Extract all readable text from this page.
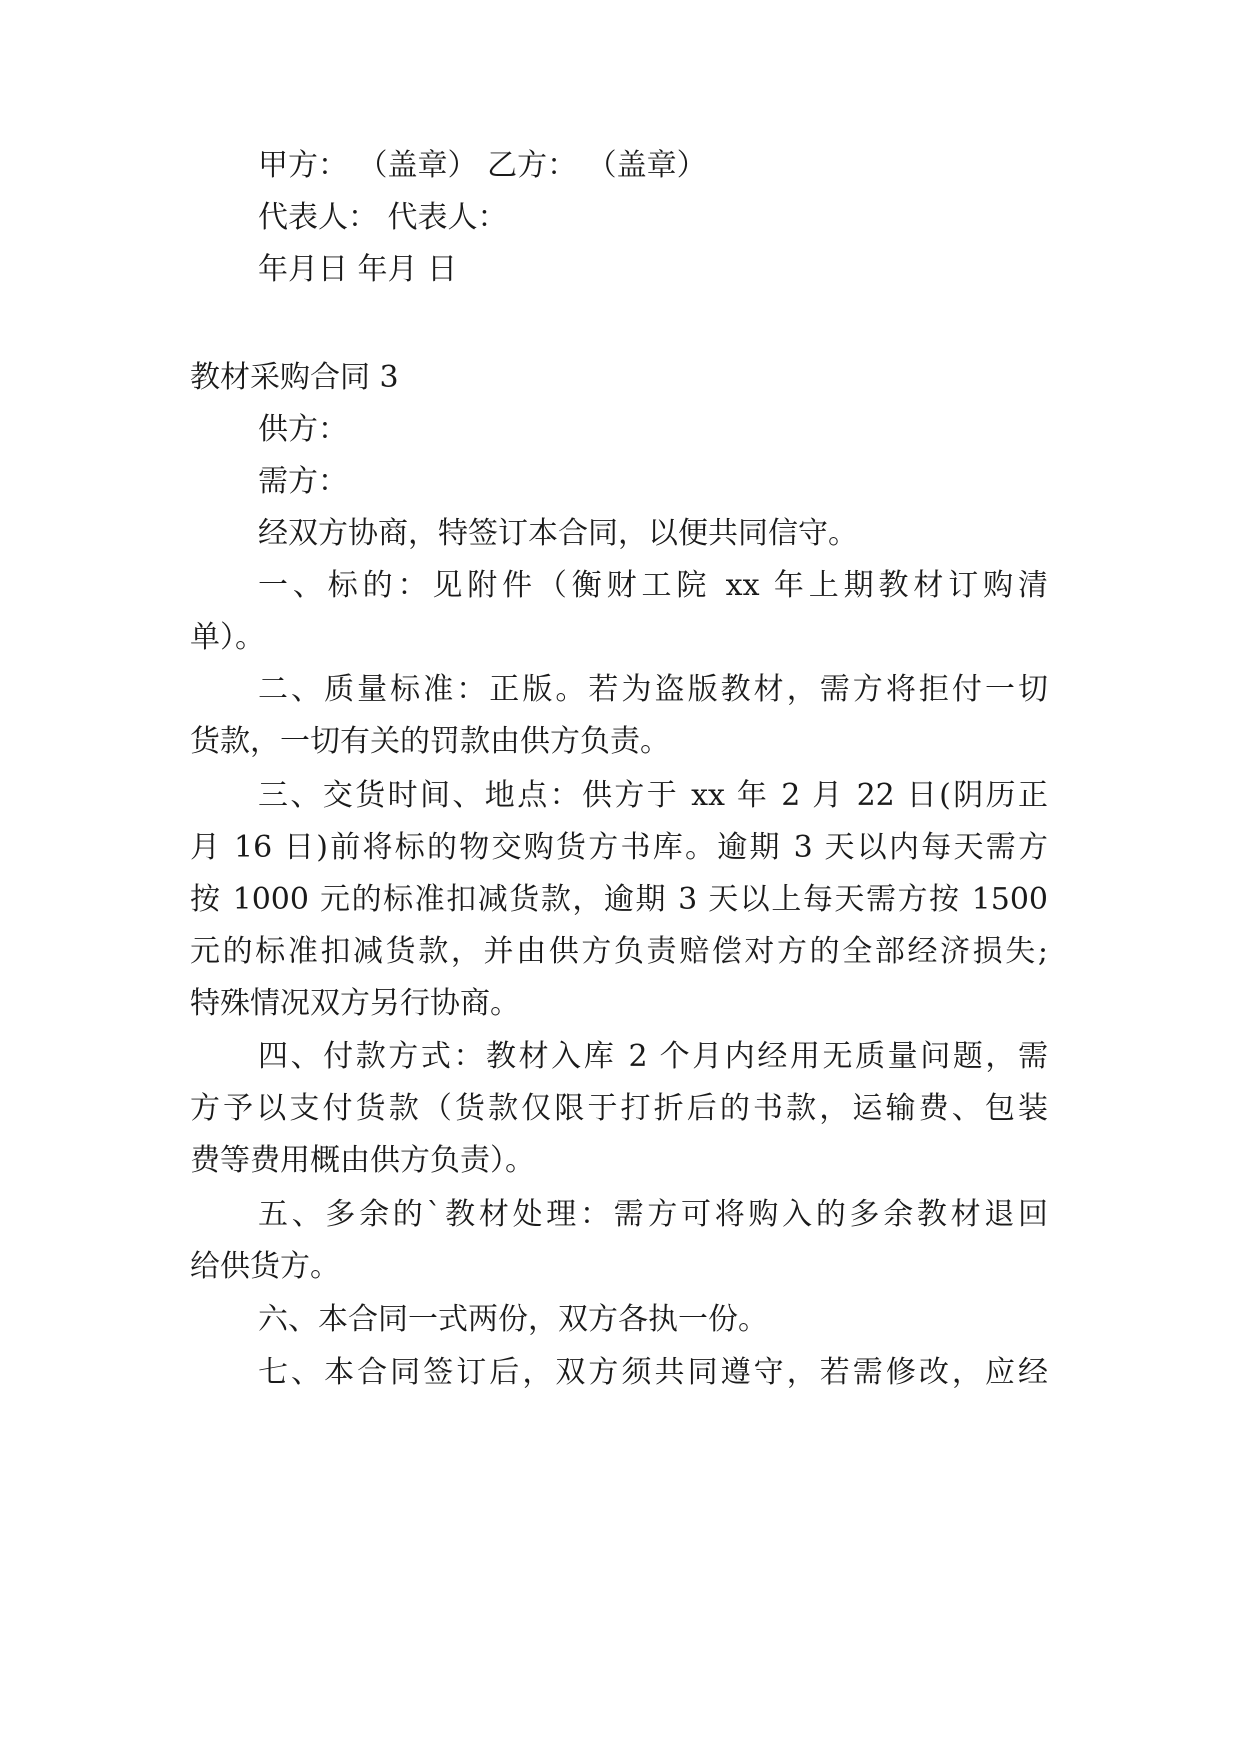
甲方： （盖章） 乙方： （盖章）

代表人： 代表人：

年月日 年月 日

教材采购合同 3

供方：

需方：

经双方协商，特签订本合同，以便共同信守。

一、标的：见附件（衡财工院 xx 年上期教材订购清

单）。

二、质量标准：正版。若为盗版教材，需方将拒付一切

货款，一切有关的罚款由供方负责。

三、交货时间、地点：供方于 xx 年 2 月 22 日(阴历正

月 16 日)前将标的物交购货方书库。逾期 3 天以内每天需方

按 1000 元的标准扣减货款，逾期 3 天以上每天需方按 1500

元的标准扣减货款，并由供方负责赔偿对方的全部经济损失;

特殊情况双方另行协商。

四、付款方式：教材入库 2 个月内经用无质量问题，需

方予以支付货款（货款仅限于打折后的书款，运输费、包装

费等费用概由供方负责）。

五、多余的`教材处理：需方可将购入的多余教材退回

给供货方。

六、本合同一式两份，双方各执一份。

七、本合同签订后，双方须共同遵守，若需修改，应经
